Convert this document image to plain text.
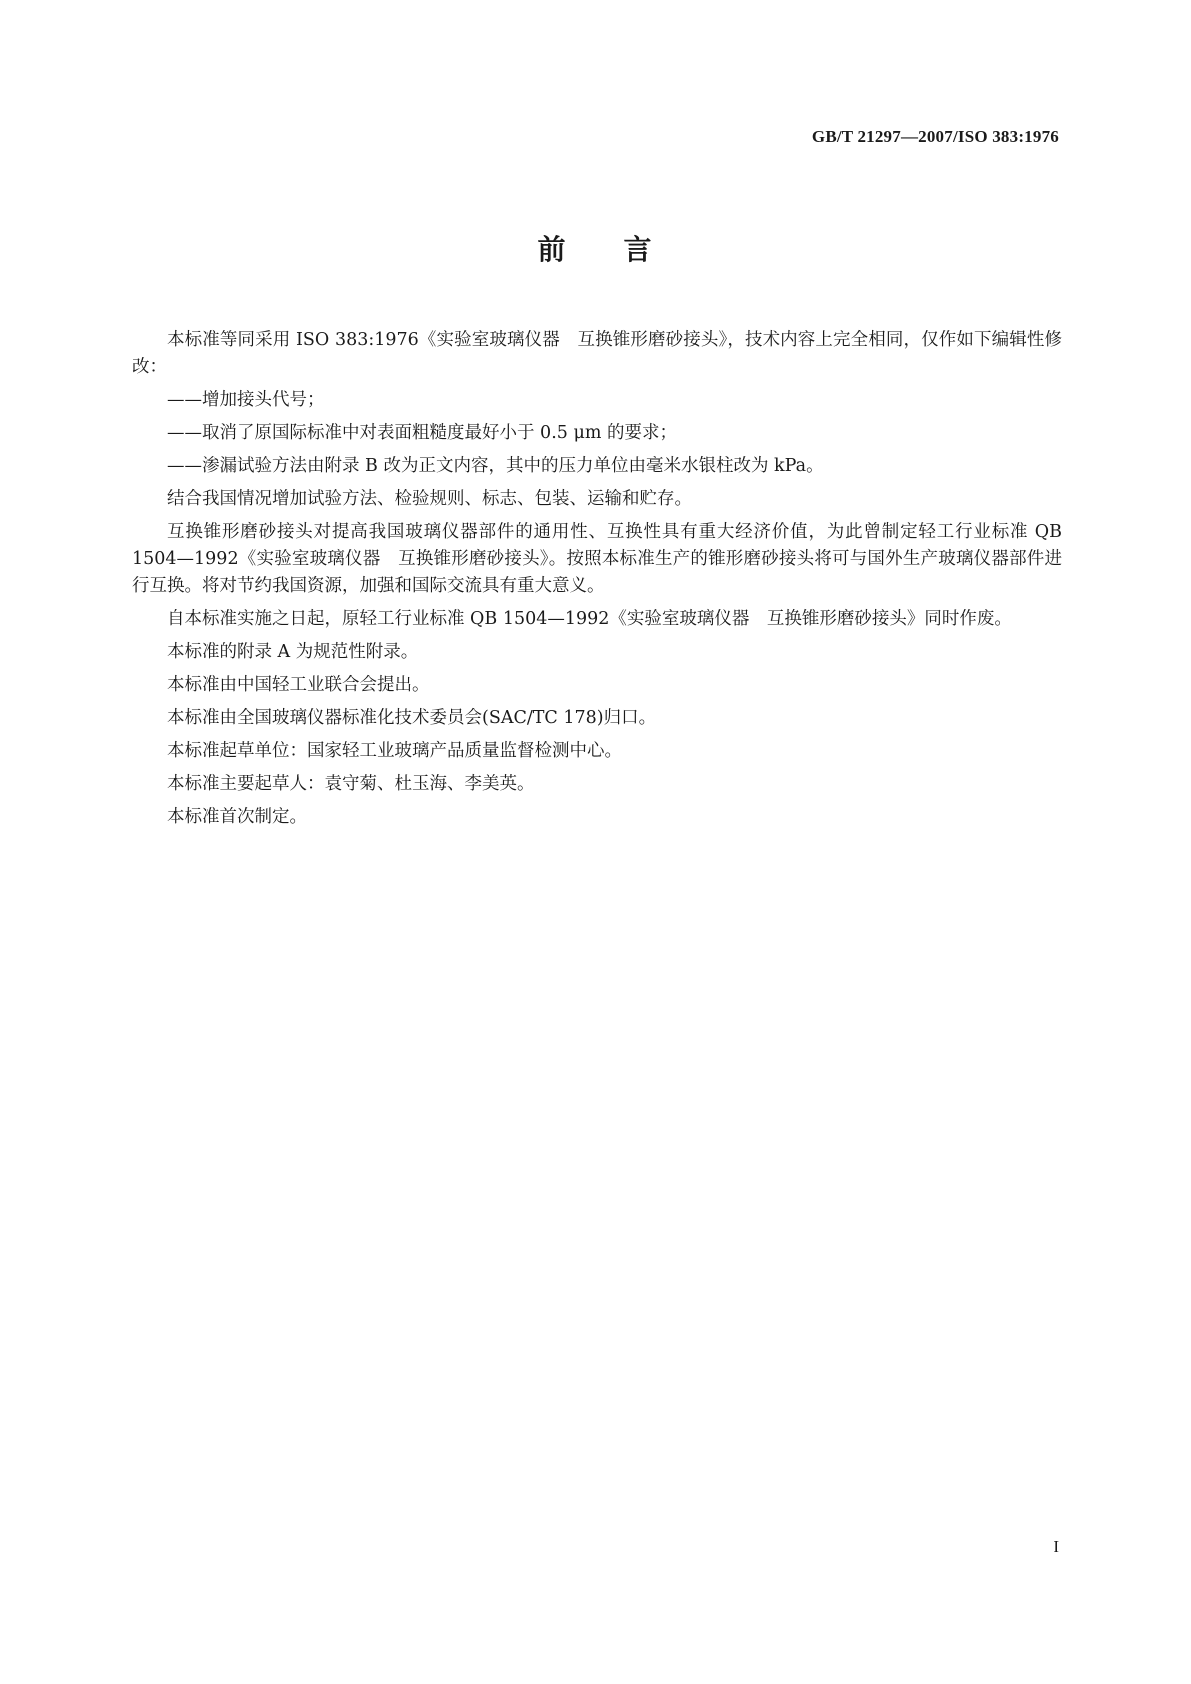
GB/T 21297—2007/ISO 383:1976
前 言

本标准等同采用 ISO 383:1976《实验室玻璃仪器　互换锥形磨砂接头》，技术内容上完全相同，仅作如下编辑性修改：

——增加接头代号；

——取消了原国际标准中对表面粗糙度最好小于 0.5 μm 的要求；

——渗漏试验方法由附录 B 改为正文内容，其中的压力单位由毫米水银柱改为 kPa。

结合我国情况增加试验方法、检验规则、标志、包装、运输和贮存。

互换锥形磨砂接头对提高我国玻璃仪器部件的通用性、互换性具有重大经济价值，为此曾制定轻工行业标准 QB 1504—1992《实验室玻璃仪器　互换锥形磨砂接头》。按照本标准生产的锥形磨砂接头将可与国外生产玻璃仪器部件进行互换。将对节约我国资源，加强和国际交流具有重大意义。

自本标准实施之日起，原轻工行业标准 QB 1504—1992《实验室玻璃仪器　互换锥形磨砂接头》同时作废。

本标准的附录 A 为规范性附录。

本标准由中国轻工业联合会提出。

本标准由全国玻璃仪器标准化技术委员会(SAC/TC 178)归口。

本标准起草单位：国家轻工业玻璃产品质量监督检测中心。

本标准主要起草人：袁守菊、杜玉海、李美英。

本标准首次制定。

I
